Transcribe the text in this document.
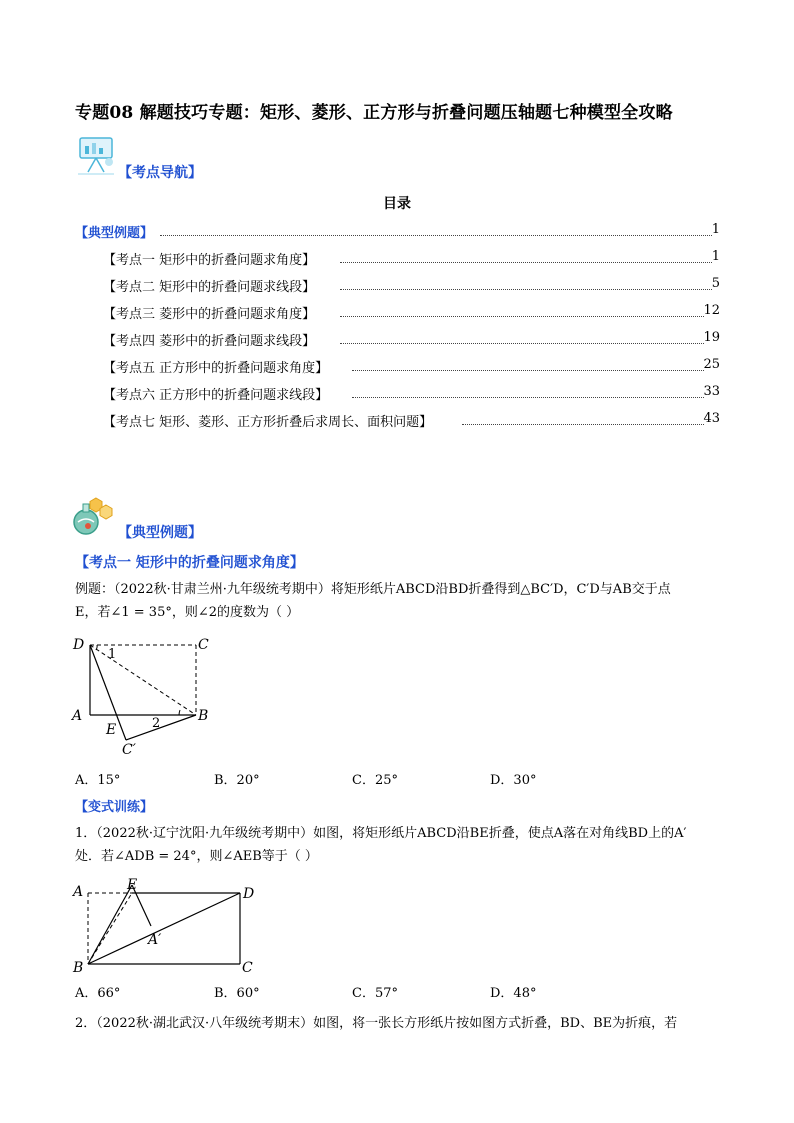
专题08 解题技巧专题：矩形、菱形、正方形与折叠问题压轴题七种模型全攻略
【考点导航】
目录
【典型例题】	1
【考点一 矩形中的折叠问题求角度】	1
【考点二 矩形中的折叠问题求线段】	5
【考点三 菱形中的折叠问题求角度】	12
【考点四 菱形中的折叠问题求线段】	19
【考点五 正方形中的折叠问题求角度】	25
【考点六 正方形中的折叠问题求线段】	33
【考点七 矩形、菱形、正方形折叠后求周长、面积问题】	43
【典型例题】
【考点一 矩形中的折叠问题求角度】
例题：（2022秋·甘肃兰州·九年级统考期中）将矩形纸片ABCD沿BD折叠得到△BC′D，C′D与AB交于点
E，若∠1 = 35°，则∠2的度数为（ ）
D	C
A	B
E
C′
1
2
A．15°	B．20°	C．25°	D．30°
【变式训练】
1．（2022秋·辽宁沈阳·九年级统考期中）如图，将矩形纸片ABCD沿BE折叠，使点A落在对角线BD上的A′
处．若∠ADB = 24°，则∠AEB等于（ ）
A	E
D
A′
B	C
A．66°	B．60°	C．57°	D．48°
2．（2022秋·湖北武汉·八年级统考期末）如图，将一张长方形纸片按如图方式折叠，BD、BE为折痕，若
